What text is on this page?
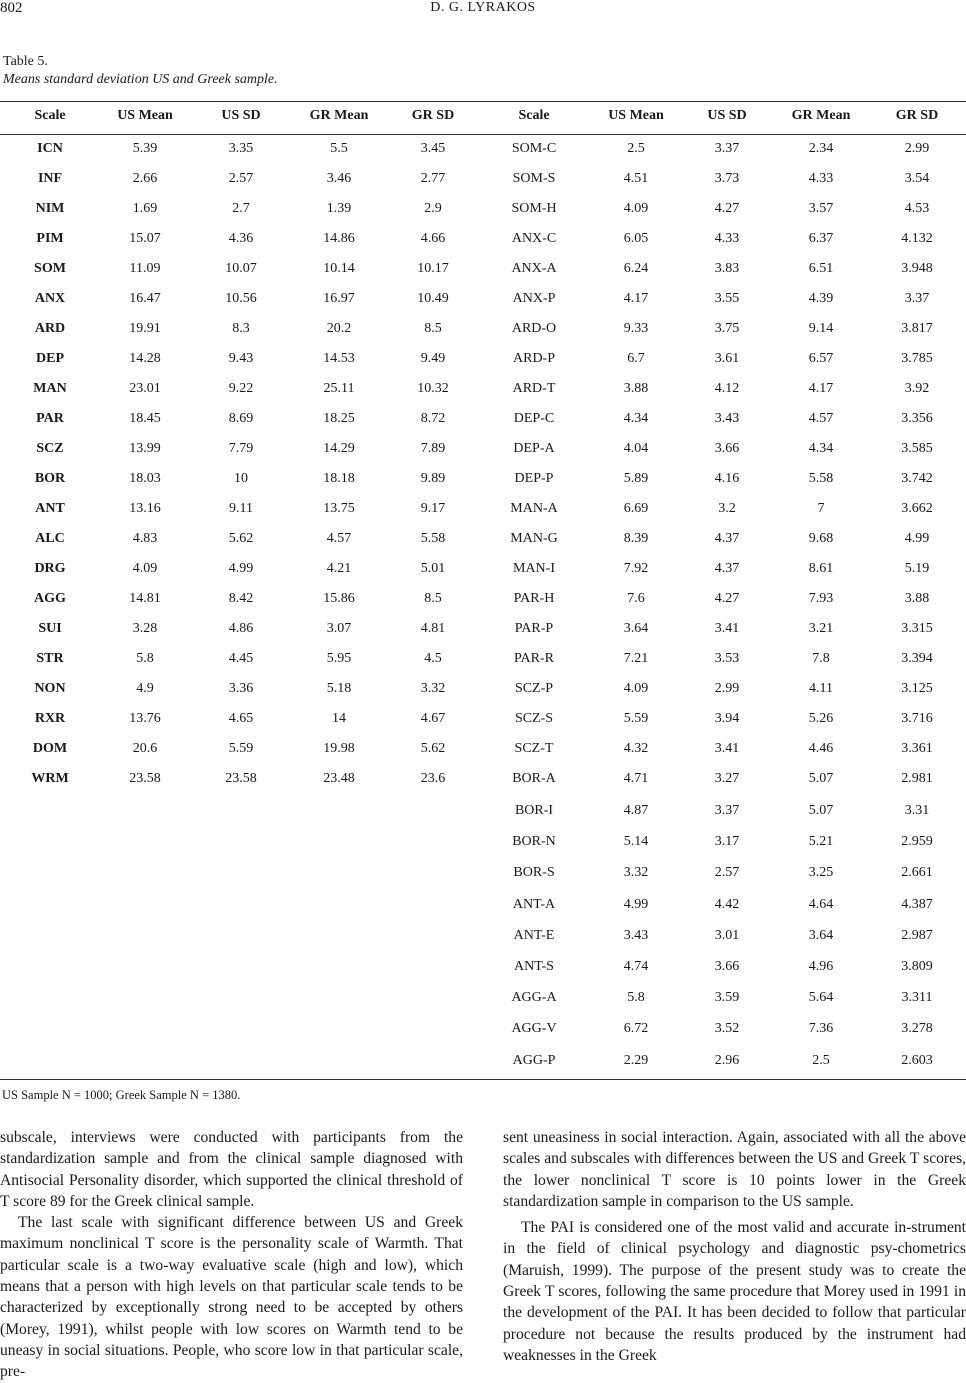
802	D. G. LYRAKOS
Table 5.
Means standard deviation US and Greek sample.
Scale	US Mean	US SD	GR Mean	GR SD	Scale	US Mean	US SD	GR Mean	GR SD
ICN	5.39	3.35	5.5	3.45	SOM-C	2.5	3.37	2.34	2.99
INF	2.66	2.57	3.46	2.77	SOM-S	4.51	3.73	4.33	3.54
NIM	1.69	2.7	1.39	2.9	SOM-H	4.09	4.27	3.57	4.53
PIM	15.07	4.36	14.86	4.66	ANX-C	6.05	4.33	6.37	4.132
SOM	11.09	10.07	10.14	10.17	ANX-A	6.24	3.83	6.51	3.948
ANX	16.47	10.56	16.97	10.49	ANX-P	4.17	3.55	4.39	3.37
ARD	19.91	8.3	20.2	8.5	ARD-O	9.33	3.75	9.14	3.817
DEP	14.28	9.43	14.53	9.49	ARD-P	6.7	3.61	6.57	3.785
MAN	23.01	9.22	25.11	10.32	ARD-T	3.88	4.12	4.17	3.92
PAR	18.45	8.69	18.25	8.72	DEP-C	4.34	3.43	4.57	3.356
SCZ	13.99	7.79	14.29	7.89	DEP-A	4.04	3.66	4.34	3.585
BOR	18.03	10	18.18	9.89	DEP-P	5.89	4.16	5.58	3.742
ANT	13.16	9.11	13.75	9.17	MAN-A	6.69	3.2	7	3.662
ALC	4.83	5.62	4.57	5.58	MAN-G	8.39	4.37	9.68	4.99
DRG	4.09	4.99	4.21	5.01	MAN-I	7.92	4.37	8.61	5.19
AGG	14.81	8.42	15.86	8.5	PAR-H	7.6	4.27	7.93	3.88
SUI	3.28	4.86	3.07	4.81	PAR-P	3.64	3.41	3.21	3.315
STR	5.8	4.45	5.95	4.5	PAR-R	7.21	3.53	7.8	3.394
NON	4.9	3.36	5.18	3.32	SCZ-P	4.09	2.99	4.11	3.125
RXR	13.76	4.65	14	4.67	SCZ-S	5.59	3.94	5.26	3.716
DOM	20.6	5.59	19.98	5.62	SCZ-T	4.32	3.41	4.46	3.361
WRM	23.58	23.58	23.48	23.6	BOR-A	4.71	3.27	5.07	2.981
BOR-I	4.87	3.37	5.07	3.31
BOR-N	5.14	3.17	5.21	2.959
BOR-S	3.32	2.57	3.25	2.661
ANT-A	4.99	4.42	4.64	4.387
ANT-E	3.43	3.01	3.64	2.987
ANT-S	4.74	3.66	4.96	3.809
AGG-A	5.8	3.59	5.64	3.311
AGG-V	6.72	3.52	7.36	3.278
AGG-P	2.29	2.96	2.5	2.603
US Sample N = 1000; Greek Sample N = 1380.

subscale, interviews were conducted with participants from the standardization sample and from the clinical sample diagnosed with Antisocial Personality disorder, which supported the clinical threshold of T score 89 for the Greek clinical sample.

The last scale with significant difference between US and Greek maximum nonclinical T score is the personality scale of Warmth. That particular scale is a two-way evaluative scale (high and low), which means that a person with high levels on that particular scale tends to be characterized by exceptionally strong need to be accepted by others (Morey, 1991), whilst people with low scores on Warmth tend to be uneasy in social situations. People, who score low in that particular scale, pre-

sent uneasiness in social interaction. Again, associated with all the above scales and subscales with differences between the US and Greek T scores, the lower nonclinical T score is 10 points lower in the Greek standardization sample in comparison to the US sample.

The PAI is considered one of the most valid and accurate in-strument in the field of clinical psychology and diagnostic psy-chometrics (Maruish, 1999). The purpose of the present study was to create the Greek T scores, following the same procedure that Morey used in 1991 in the development of the PAI. It has been decided to follow that particular procedure not because the results produced by the instrument had weaknesses in the Greek
